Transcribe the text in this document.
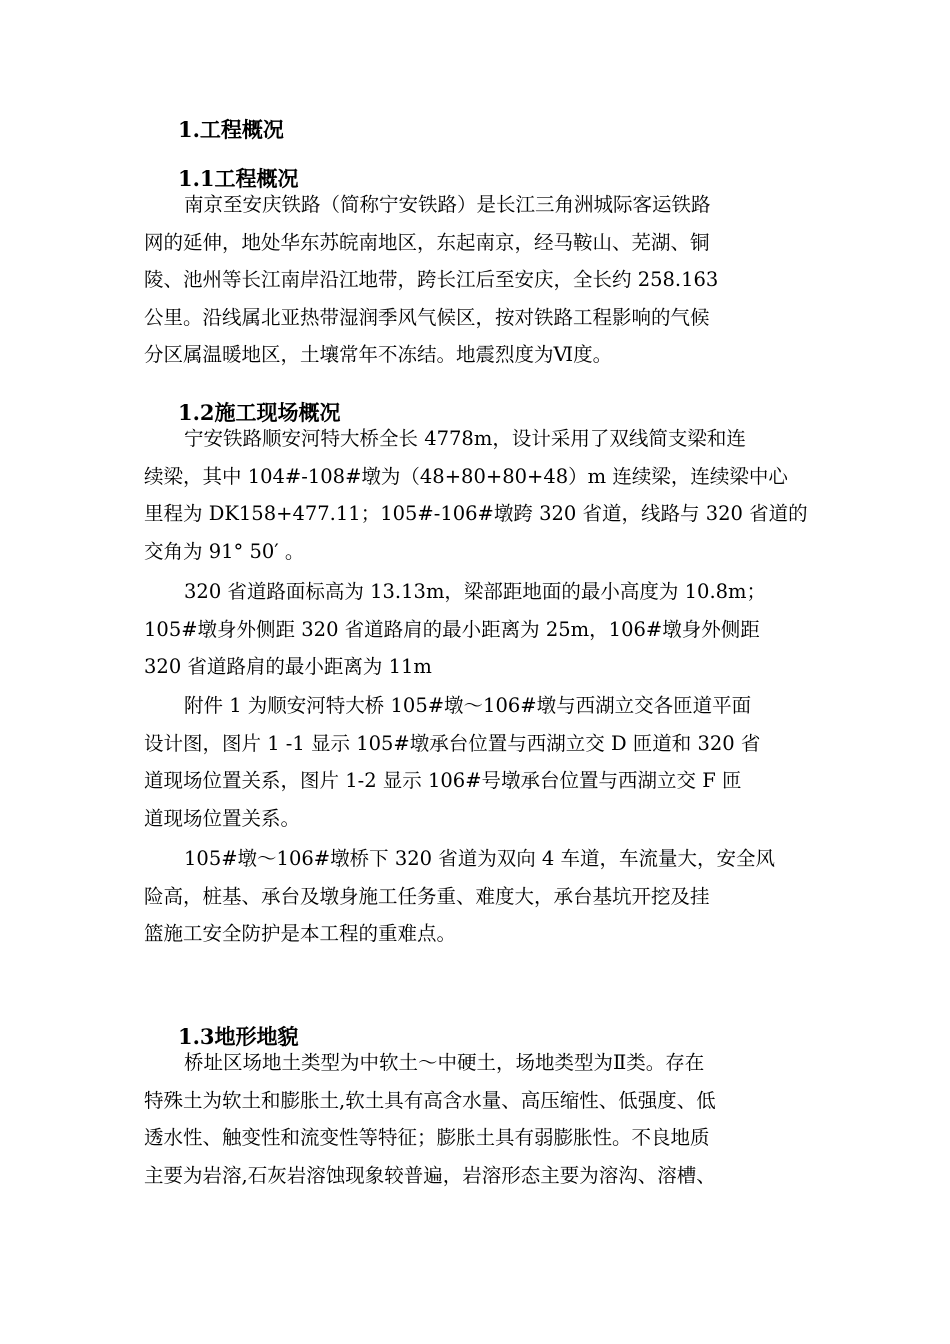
1.工程概况
1.1工程概况
南京至安庆铁路（简称宁安铁路）是长江三角洲城际客运铁路
网的延伸，地处华东苏皖南地区，东起南京，经马鞍山、芜湖、铜
陵、池州等长江南岸沿江地带，跨长江后至安庆，全长约 258.163
公里。沿线属北亚热带湿润季风气候区，按对铁路工程影响的气候
分区属温暖地区，土壤常年不冻结。地震烈度为Ⅵ度。
1.2施工现场概况
宁安铁路顺安河特大桥全长 4778m，设计采用了双线简支梁和连
续梁，其中 104#-108#墩为（48+80+80+48）m 连续梁，连续梁中心
里程为 DK158+477.11；105#-106#墩跨 320 省道，线路与 320 省道的
交角为 91° 50′ 。
320 省道路面标高为 13.13m，梁部距地面的最小高度为 10.8m；
105#墩身外侧距 320 省道路肩的最小距离为 25m，106#墩身外侧距
320 省道路肩的最小距离为 11m
附件 1 为顺安河特大桥 105#墩～106#墩与西湖立交各匝道平面
设计图，图片 1 -1 显示 105#墩承台位置与西湖立交 D 匝道和 320 省
道现场位置关系，图片 1-2 显示 106#号墩承台位置与西湖立交 F 匝
道现场位置关系。
105#墩～106#墩桥下 320 省道为双向 4 车道，车流量大，安全风
险高，桩基、承台及墩身施工任务重、难度大，承台基坑开挖及挂
篮施工安全防护是本工程的重难点。
1.3地形地貌
桥址区场地土类型为中软土～中硬土，场地类型为Ⅱ类。存在
特殊土为软土和膨胀土,软土具有高含水量、高压缩性、低强度、低
透水性、触变性和流变性等特征；膨胀土具有弱膨胀性。不良地质
主要为岩溶,石灰岩溶蚀现象较普遍，岩溶形态主要为溶沟、溶槽、
